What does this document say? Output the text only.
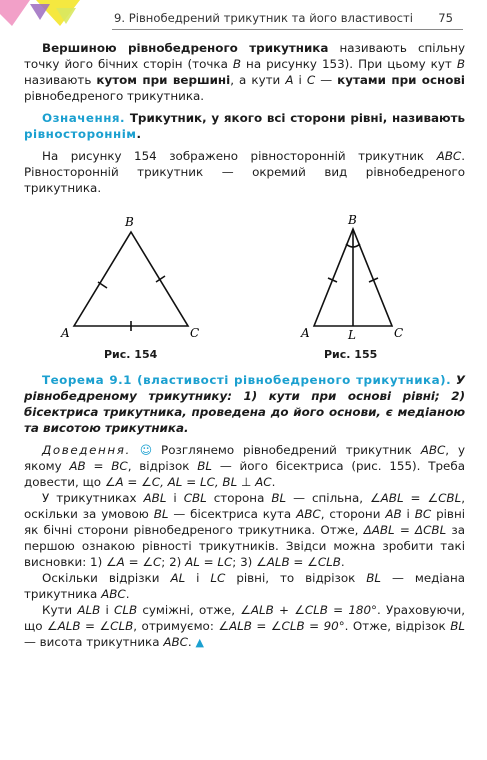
9. Рівнобедрений трикутник та його властивості 75

Вершиною рівнобедреного трикутника називають спільну точку його бічних сторін (точка B на рисунку 153). При цьому кут B називають кутом при вершині, а кути A і C — кутами при основі рівнобедреного трикутника.

Означення. Трикутник, у якого всі сторони рівні, називають рівностороннім.

На рисунку 154 зображено рівносторонній трикутник ABC. Рівносторонній трикутник — окремий вид рівнобедреного трикутника.

B
A	C
B
A	L	C
Рис. 154	Рис. 155

Теорема 9.1 (властивості рівнобедреного трикутника). У рівнобедреному трикутнику: 1) кути при основі рівні; 2) бісектриса трикутника, проведена до його основи, є медіаною та висотою трикутника.

Доведення. ☺ Розглянемо рівнобедрений трикутник ABC, у якому AB = BC, відрізок BL — його бісектриса (рис. 155). Треба довести, що ∠A = ∠C, AL = LC, BL ⊥ AC.

У трикутниках ABL і CBL сторона BL — спільна, ∠ABL = ∠CBL, оскільки за умовою BL — бісектриса кута ABC, сторони AB і BC рівні як бічні сторони рівнобедреного трикутника. Отже, ΔABL = ΔCBL за першою ознакою рівності трикутників. Звідси можна зробити такі висновки: 1) ∠A = ∠C; 2) AL = LC; 3) ∠ALB = ∠CLB.

Оскільки відрізки AL і LC рівні, то відрізок BL — медіана трикутника ABC.

Кути ALB і CLB суміжні, отже, ∠ALB + ∠CLB = 180°. Ураховуючи, що ∠ALB = ∠CLB, отримуємо: ∠ALB = ∠CLB = 90°. Отже, відрізок BL — висота трикутника ABC. ▲
